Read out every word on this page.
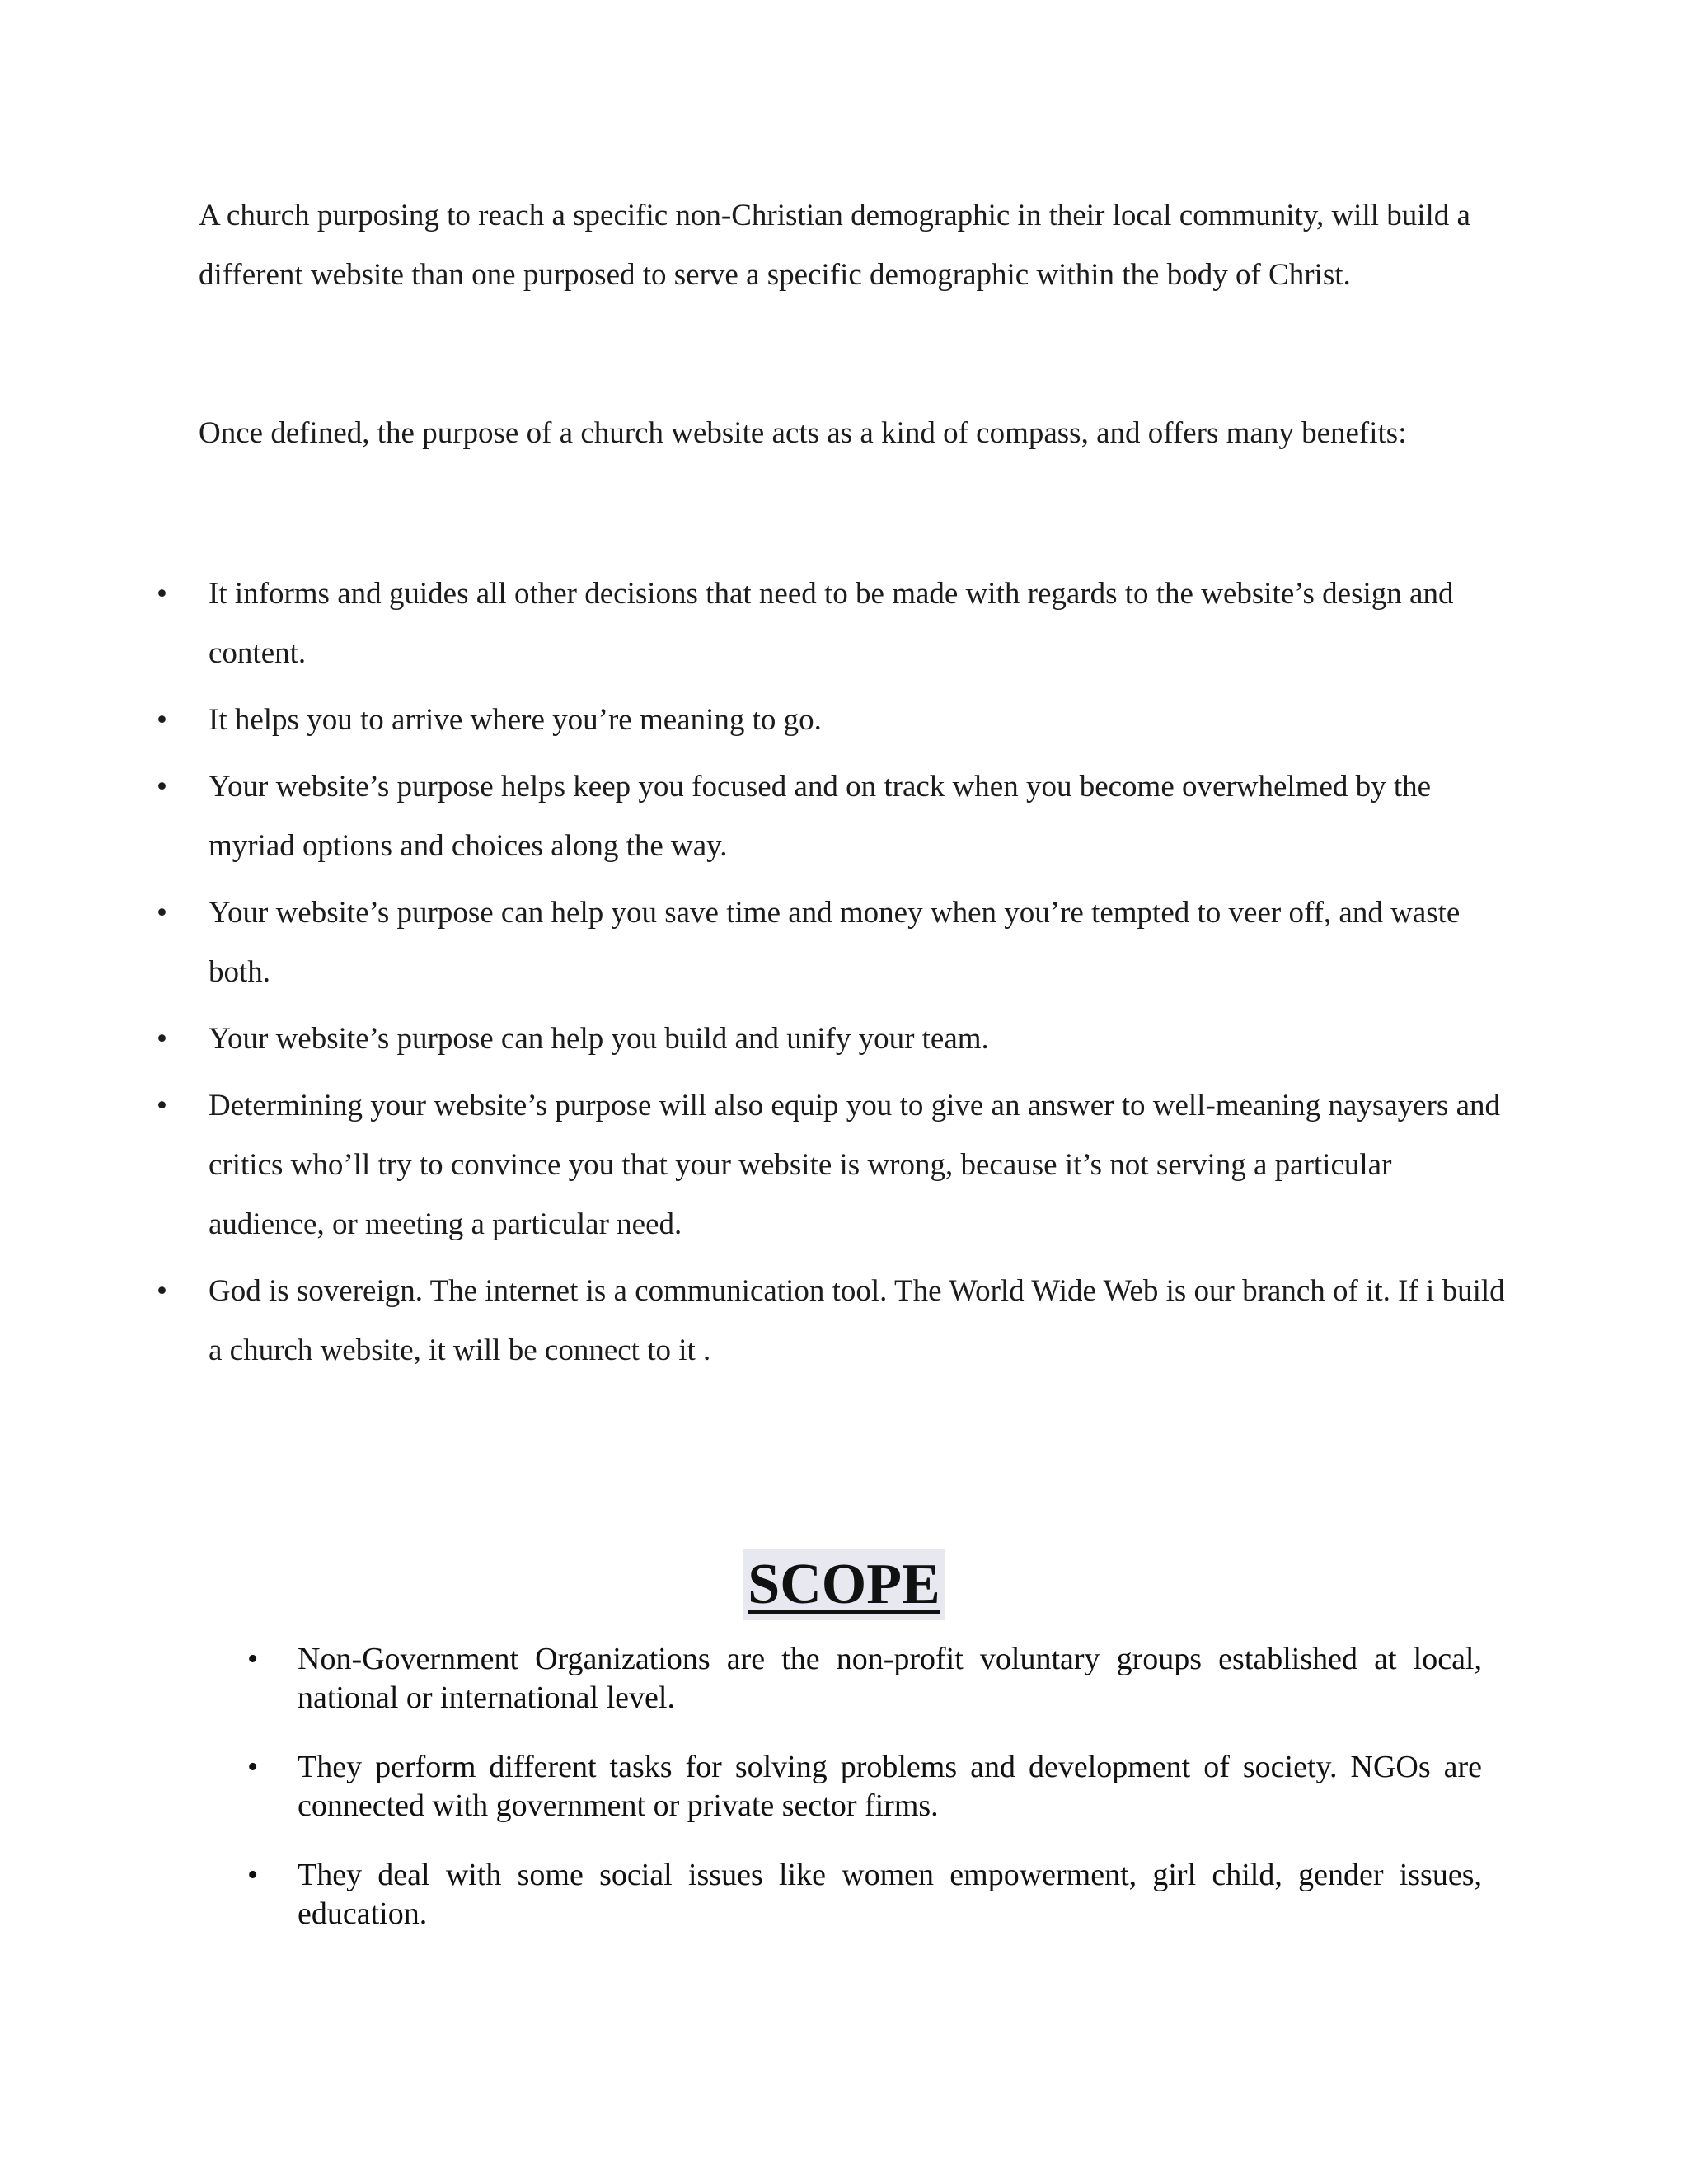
A church purposing to reach a specific non-Christian demographic in their local community, will build a different website than one purposed to serve a specific demographic within the body of Christ.

Once defined, the purpose of a church website acts as a kind of compass, and offers many benefits:

• It informs and guides all other decisions that need to be made with regards to the website’s design and content.
• It helps you to arrive where you’re meaning to go.
• Your website’s purpose helps keep you focused and on track when you become overwhelmed by the myriad options and choices along the way.
• Your website’s purpose can help you save time and money when you’re tempted to veer off, and waste both.
• Your website’s purpose can help you build and unify your team.
• Determining your website’s purpose will also equip you to give an answer to well-meaning naysayers and critics who’ll try to convince you that your website is wrong, because it’s not serving a particular audience, or meeting a particular need.
• God is sovereign. The internet is a communication tool. The World Wide Web is our branch of it. If i build a church website, it will be connect to it .
SCOPE
• Non-Government Organizations are the non-profit voluntary groups established at local, national or international level.
• They perform different tasks for solving problems and development of society. NGOs are connected with government or private sector firms.
• They deal with some social issues like women empowerment, girl child, gender issues, education.
